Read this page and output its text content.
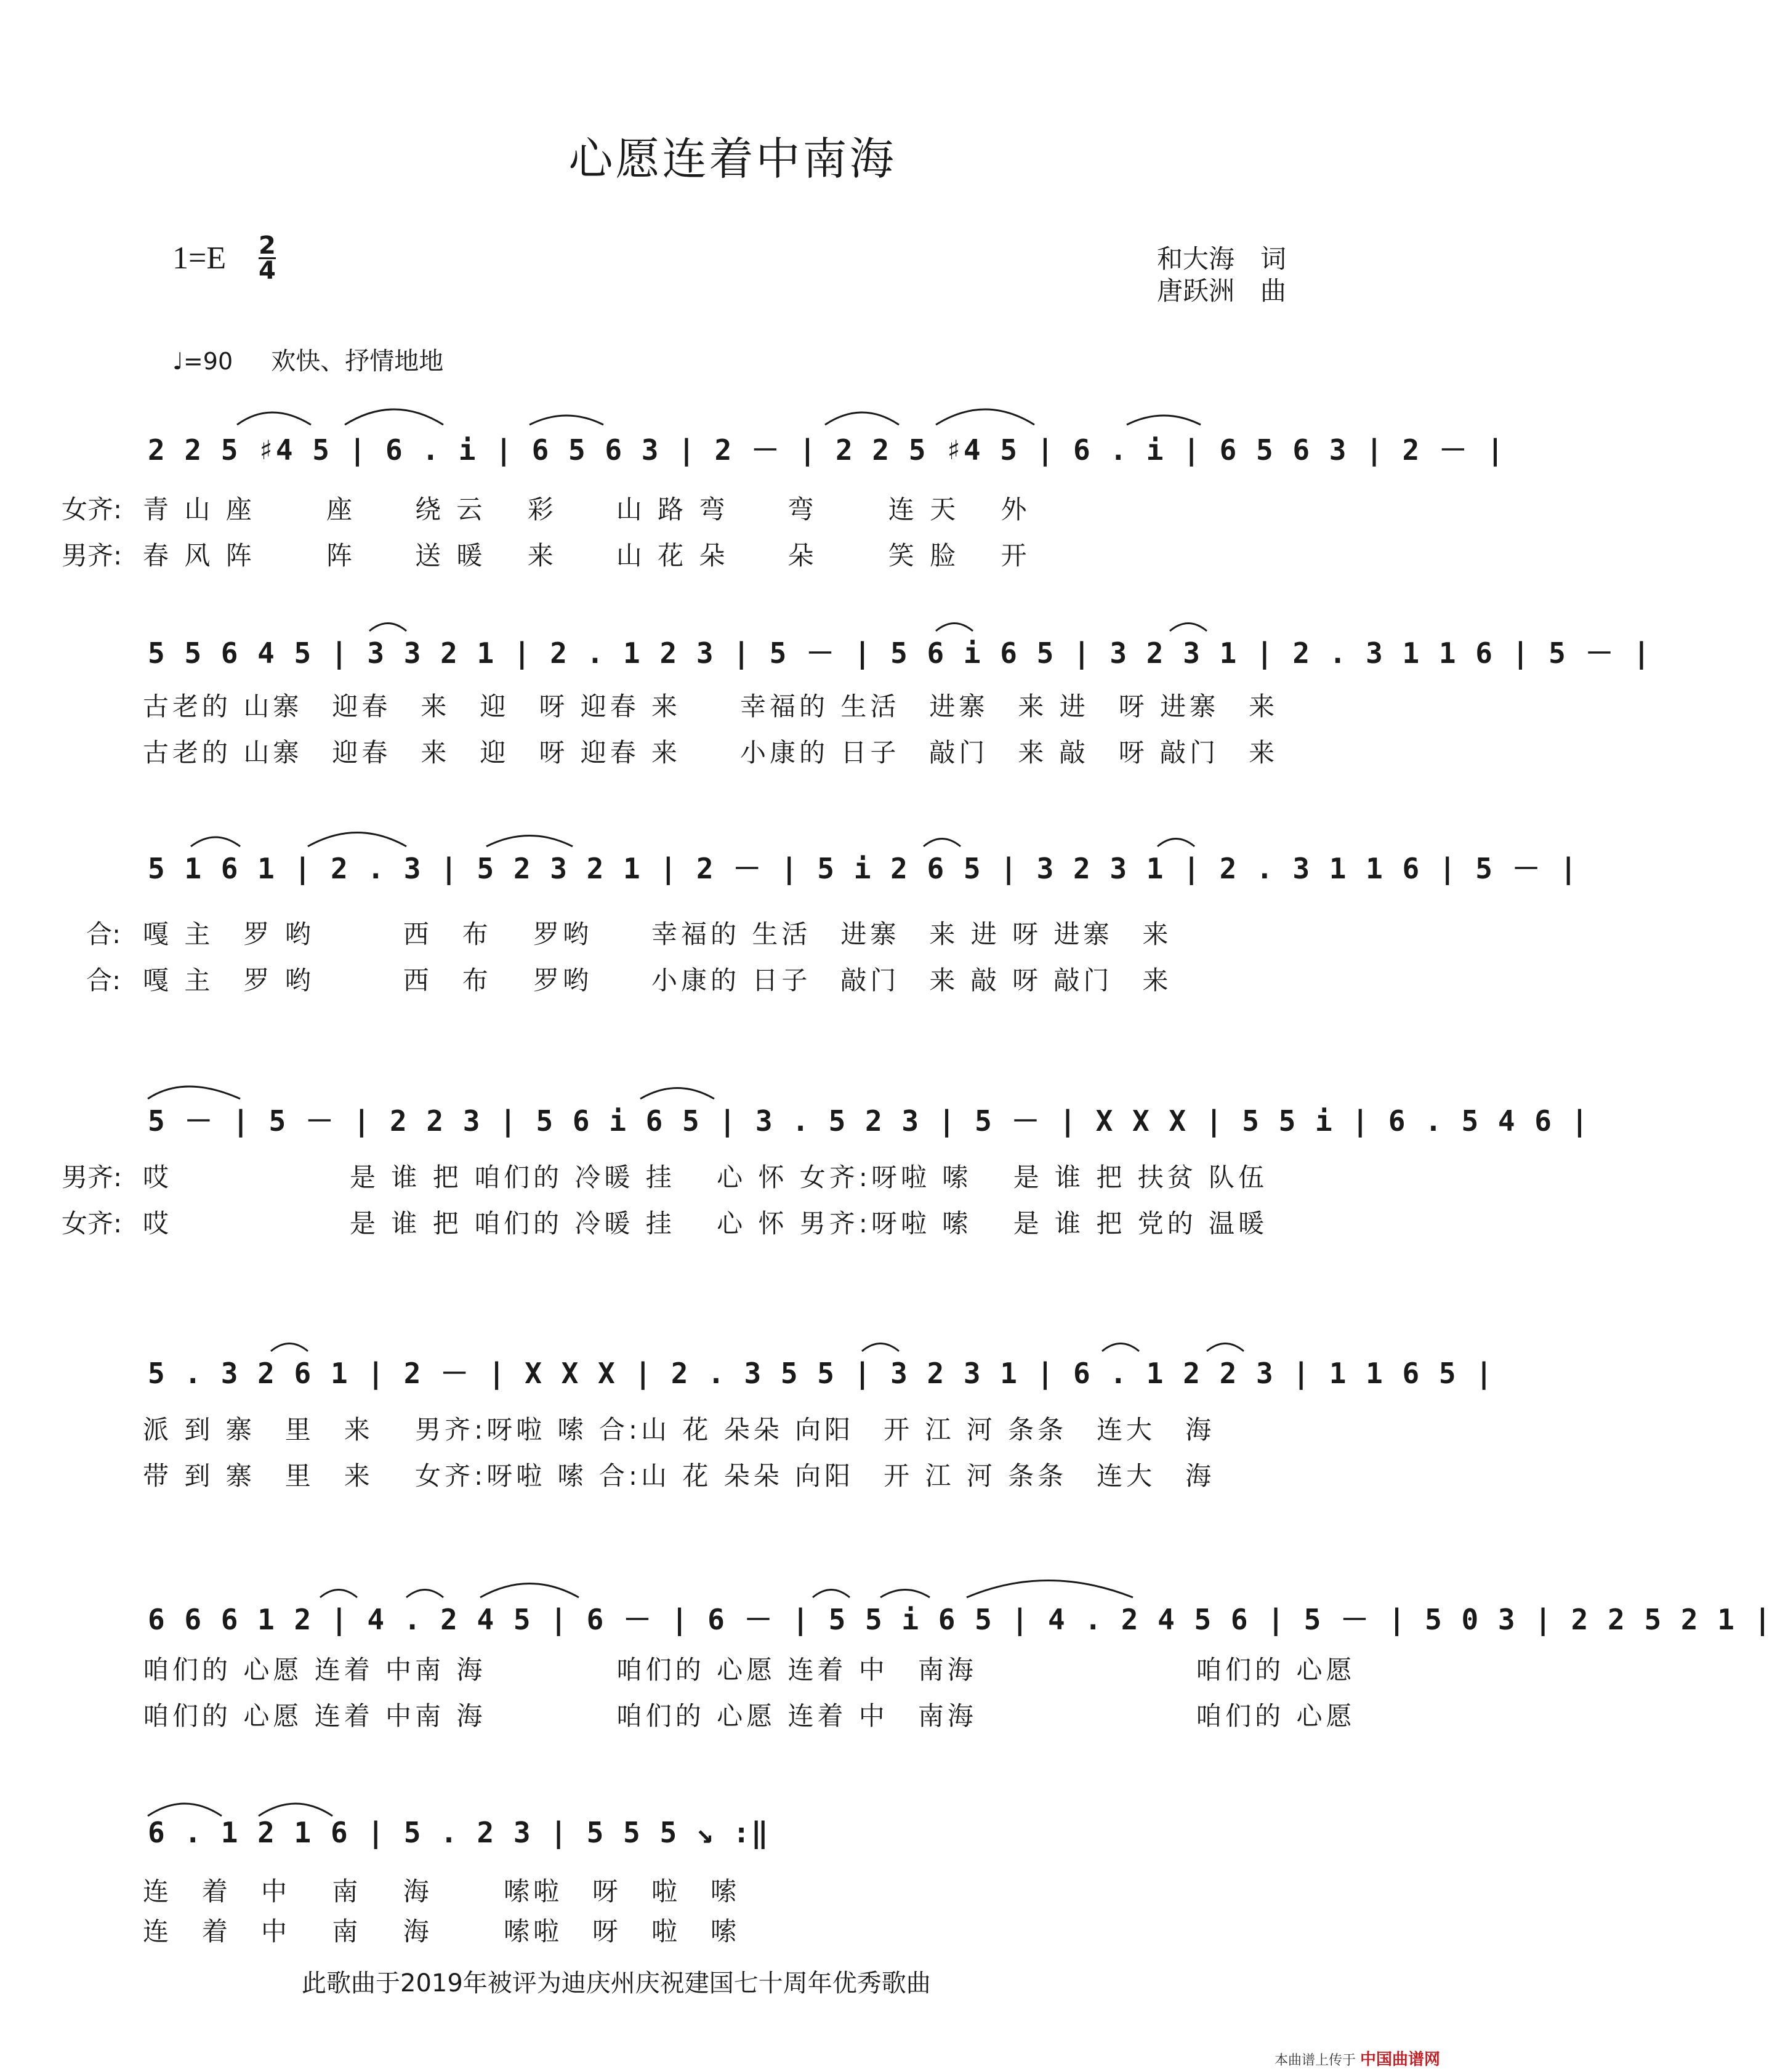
心愿连着中南海
1=E 2
4	和大海　词
唐跃洲　曲
♩=90 欢快、抒情地地
2 2 5 ♯4 5 | 6 . i | 6 5 6 3 | 2 － | 2 2 5 ♯4 5 | 6 . i | 6 5 6 3 | 2 － |
女齐: 青 山 座　　 座　　绕 云　 彩　　山 路 弯　　弯　　 连 天　 外
男齐: 春 风 阵　　 阵　　送 暖　 来　　山 花 朵　　朵　　 笑 脸　 开
5 5 6 4 5 | 3 3 2 1 | 2 . 1 2 3 | 5 － | 5 6 i 6 5 | 3 2 3 1 | 2 . 3 1 1 6 | 5 － |
古老的 山寨　迎春　来　迎　呀 迎春 来　　幸福的 生活　进寨　来 进　呀 进寨　来
古老的 山寨　迎春　来　迎　呀 迎春 来　　小康的 日子　敲门　来 敲　呀 敲门　来
5 1 6 1 | 2 . 3 | 5 2 3 2 1 | 2 － | 5 i 2 6 5 | 3 2 3 1 | 2 . 3 1 1 6 | 5 － |
合: 嘎 主　罗 哟　　　西　布　 罗哟　　幸福的 生活　进寨　来 进 呀 进寨　来
合: 嘎 主　罗 哟　　　西　布　 罗哟　　小康的 日子　敲门　来 敲 呀 敲门　来
5 － | 5 － | 2 2 3 | 5 6 i 6 5 | 3 . 5 2 3 | 5 － | X X X | 5 5 i | 6 . 5 4 6 |
男齐: 哎　　　　　　是 谁 把 咱们的 冷暖 挂　 心 怀 女齐:呀啦 嗦　 是 谁 把 扶贫 队伍
女齐: 哎　　　　　　是 谁 把 咱们的 冷暖 挂　 心 怀 男齐:呀啦 嗦　 是 谁 把 党的 温暖
5 . 3 2 6 1 | 2 － | X X X | 2 . 3 5 5 | 3 2 3 1 | 6 . 1 2 2 3 | 1 1 6 5 |
派 到 寨　里　来　 男齐:呀啦 嗦 合:山 花 朵朵 向阳　开 江 河 条条　连大　海
带 到 寨　里　来　 女齐:呀啦 嗦 合:山 花 朵朵 向阳　开 江 河 条条　连大　海
6 6 6 1 2 | 4 . 2 4 5 | 6 － | 6 － | 5 5 i 6 5 | 4 . 2 4 5 6 | 5 － | 5 0 3 | 2 2 5 2 1 |
咱们的 心愿 连着 中南 海　　　　 咱们的 心愿 连着 中　南海　　　　　　　 咱们的 心愿
咱们的 心愿 连着 中南 海　　　　 咱们的 心愿 连着 中　南海　　　　　　　 咱们的 心愿
6 . 1 2 1 6 | 5 . 2 3 | 5 5 5 ↘ :‖
连　着　中　 南　 海　　 嗦啦　呀　啦　嗦
连　着　中　 南　 海　　 嗦啦　呀　啦　嗦
此歌曲于2019年被评为迪庆州庆祝建国七十周年优秀歌曲
本曲谱上传于 中国曲谱网
